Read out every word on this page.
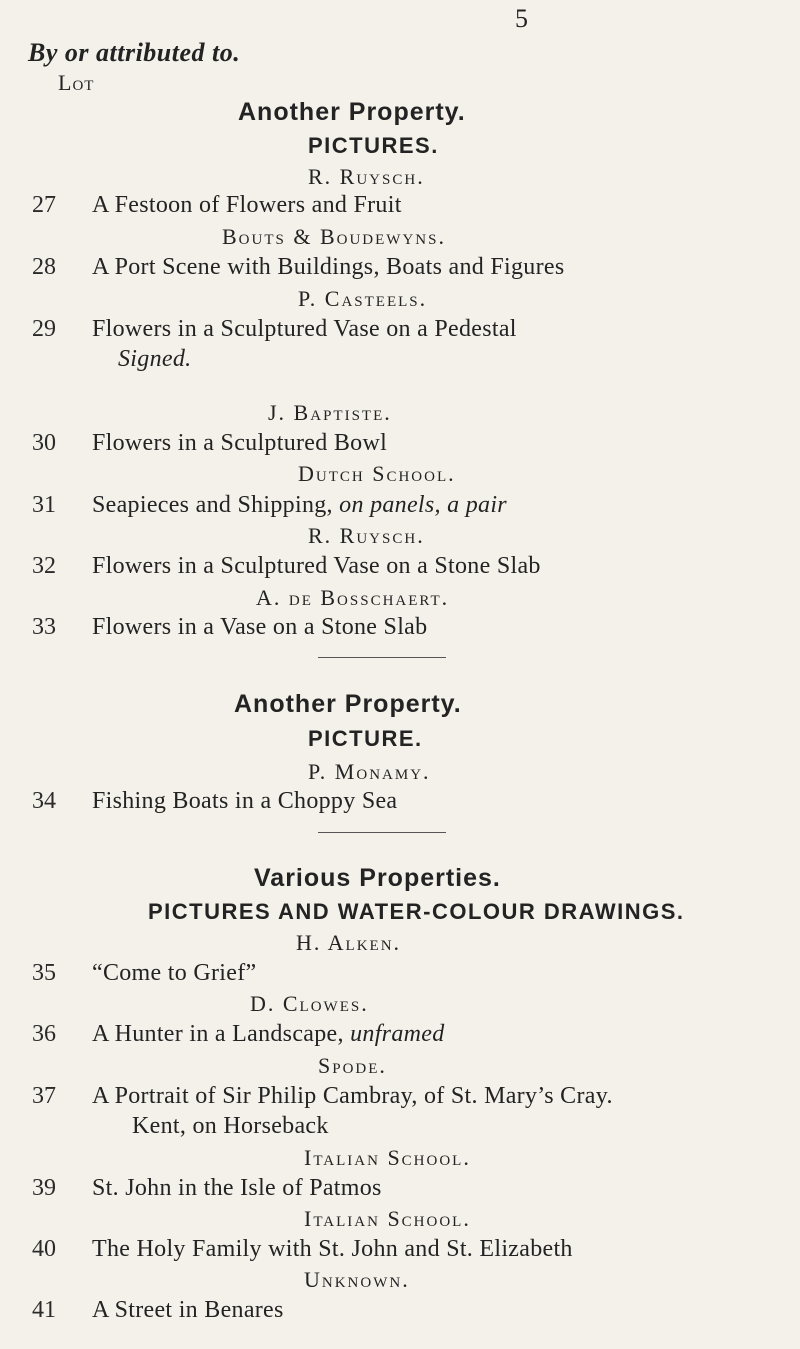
5
By or attributed to.
Lot
Another Property.
PICTURES.
R. Ruysch.
27 A Festoon of Flowers and Fruit
Bouts & Boudewyns.
28 A Port Scene with Buildings, Boats and Figures
P. Casteels.
29 Flowers in a Sculptured Vase on a Pedestal
Signed.
J. Baptiste.
30 Flowers in a Sculptured Bowl
Dutch School.
31 Seapieces and Shipping, on panels, a pair
R. Ruysch.
32 Flowers in a Sculptured Vase on a Stone Slab
A. de Bosschaert.
33 Flowers in a Vase on a Stone Slab
Another Property.
PICTURE.
P. Monamy.
34 Fishing Boats in a Choppy Sea
Various Properties.
PICTURES AND WATER-COLOUR DRAWINGS.
H. Alken.
35 “Come to Grief”
D. Clowes.
36 A Hunter in a Landscape, unframed
Spode.
37 A Portrait of Sir Philip Cambray, of St. Mary’s Cray.
Kent, on Horseback
Italian School.
39 St. John in the Isle of Patmos
Italian School.
40 The Holy Family with St. John and St. Elizabeth
Unknown.
41 A Street in Benares
